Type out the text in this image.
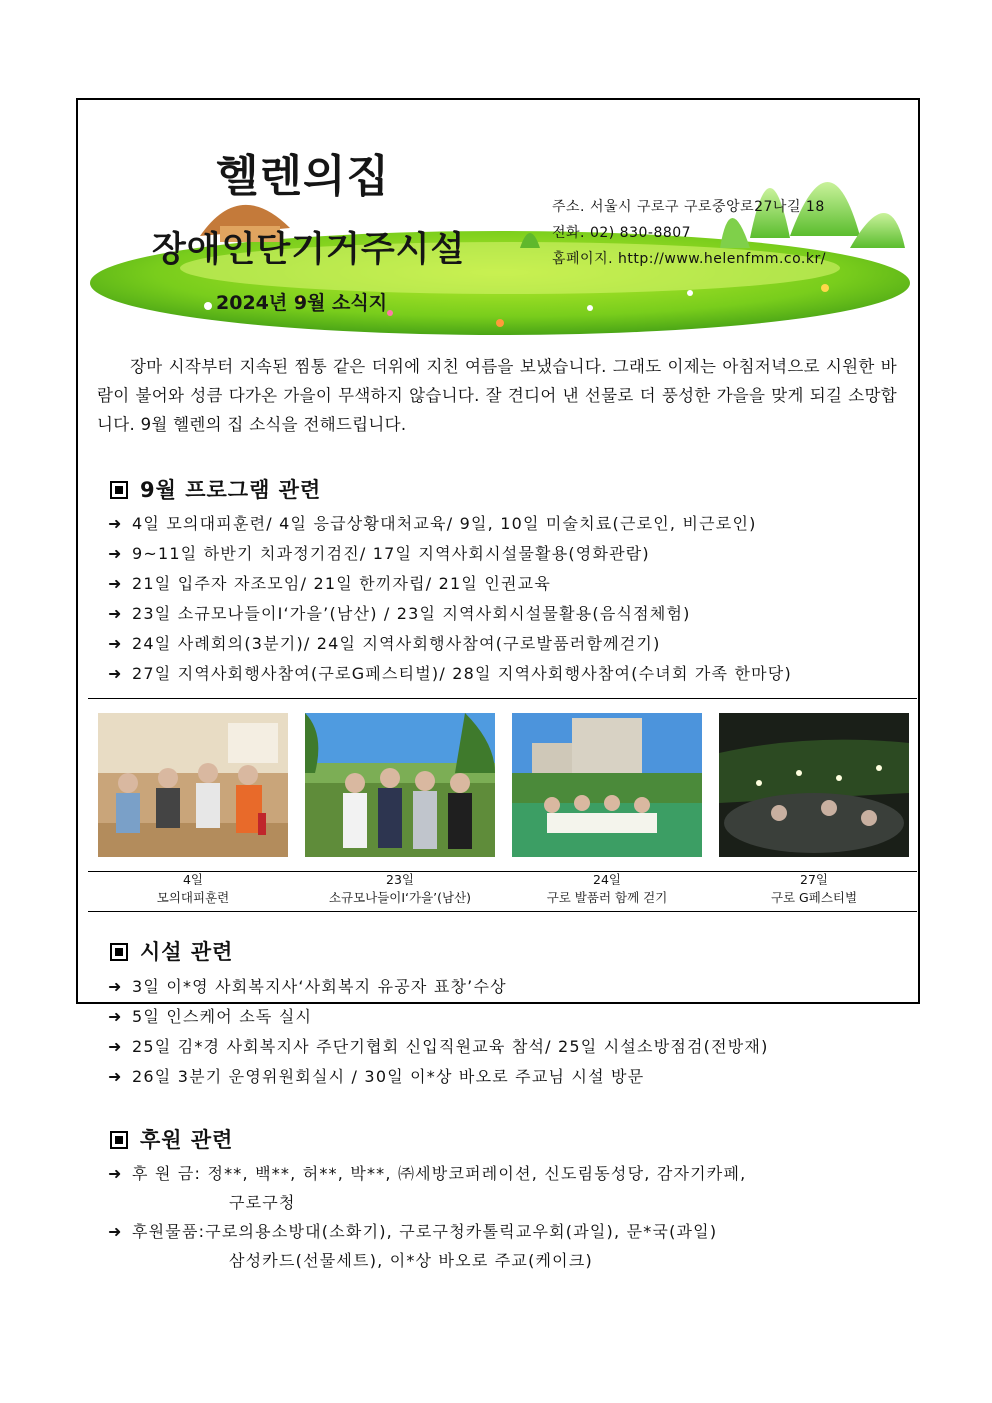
헬렌의집
장애인단기거주시설
2024년 9월 소식지
주소. 서울시 구로구 구로중앙로27나길 18
전화. 02) 830-8807
홈페이지. http://www.helenfmm.co.kr/
장마 시작부터 지속된 찜통 같은 더위에 지친 여름을 보냈습니다. 그래도 이제는 아침저녁으로 시원한 바람이 불어와 성큼 다가온 가을이 무색하지 않습니다. 잘 견디어 낸 선물로 더 풍성한 가을을 맞게 되길 소망합니다. 9월 헬렌의 집 소식을 전해드립니다.
9월 프로그램 관련
➜ 4일 모의대피훈련/ 4일 응급상황대처교육/ 9일, 10일 미술치료(근로인, 비근로인)
➜ 9~11일 하반기 치과정기검진/ 17일 지역사회시설물활용(영화관람)
➜ 21일 입주자 자조모임/ 21일 한끼자립/ 21일 인권교육
➜ 23일 소규모나들이Ⅰ‘가을’(남산) / 23일 지역사회시설물활용(음식점체험)
➜ 24일 사례회의(3분기)/ 24일 지역사회행사참여(구로발품러함께걷기)
➜ 27일 지역사회행사참여(구로G페스티벌)/ 28일 지역사회행사참여(수녀회 가족 한마당)
4일
모의대피훈련
23일
소규모나들이Ⅰ‘가을’(남산)
24일
구로 발품러 함께 걷기
27일
구로 G페스티벌
시설 관련
➜ 3일 이*영 사회복지사‘사회복지 유공자 표창’수상
➜ 5일 인스케어 소독 실시
➜ 25일 김*경 사회복지사 주단기협회 신입직원교육 참석/ 25일 시설소방점검(전방재)
➜ 26일 3분기 운영위원회실시 / 30일 이*상 바오로 주교님 시설 방문
후원 관련
➜ 후 원 금: 정**, 백**, 허**, 박**, ㈜세방코퍼레이션, 신도림동성당, 감자기카페,
구로구청
➜ 후원물품:구로의용소방대(소화기), 구로구청카톨릭교우회(과일), 문*국(과일)
삼성카드(선물세트), 이*상 바오로 주교(케이크)
